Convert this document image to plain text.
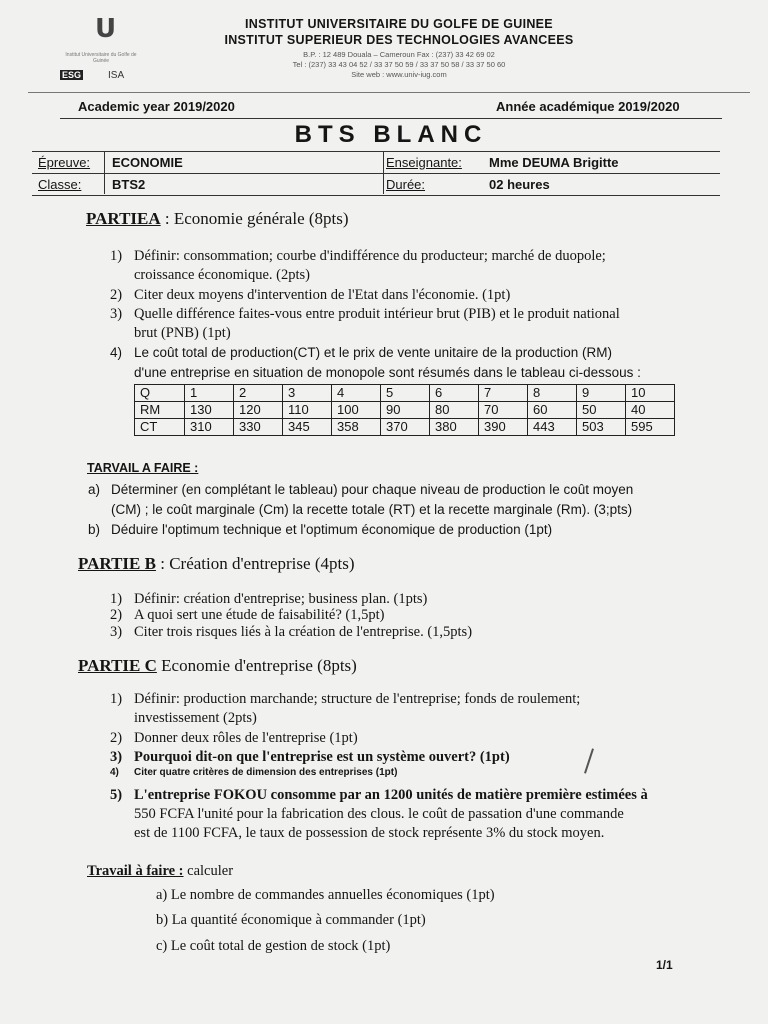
U
Institut Universitaire du Golfe de Guinée
ESG	ISA
INSTITUT UNIVERSITAIRE DU GOLFE DE GUINEE
INSTITUT SUPERIEUR DES TECHNOLOGIES AVANCEES
B.P. : 12 489 Douala – Cameroun Fax : (237) 33 42 69 02
Tel : (237) 33 43 04 52 / 33 37 50 59 / 33 37 50 58 / 33 37 50 60
Site web : www.univ-iug.com
Academic year 2019/2020	Année académique 2019/2020
BTS BLANC
Épreuve: ECONOMIE	Enseignante: Mme DEUMA Brigitte
Classe: BTS2	Durée:	02 heures
PARTIEA : Economie générale (8pts)
1) Définir: consommation; courbe d'indifférence du producteur; marché de duopole;
croissance économique. (2pts)
2) Citer deux moyens d'intervention de l'Etat dans l'économie. (1pt)
3) Quelle différence faites-vous entre produit intérieur brut (PIB) et le produit national
brut (PNB) (1pt)
4) Le coût total de production(CT) et le prix de vente unitaire de la production (RM)
d'une entreprise en situation de monopole sont résumés dans le tableau ci-dessous :
Q	1	2	3	4	5	6	7	8	9	10
RM	130	120	110	100	90	80	70	60	50	40
CT	310	330	345	358	370	380	390	443	503	595
TARVAIL A FAIRE :
a) Déterminer (en complétant le tableau) pour chaque niveau de production le coût moyen
(CM) ; le coût marginale (Cm) la recette totale (RT) et la recette marginale (Rm). (3;pts)
b) Déduire l'optimum technique et l'optimum économique de production (1pt)
PARTIE B : Création d'entreprise (4pts)
1) Définir: création d'entreprise; business plan. (1pts)
2) A quoi sert une étude de faisabilité? (1,5pt)
3) Citer trois risques liés à la création de l'entreprise. (1,5pts)
PARTIE C Economie d'entreprise (8pts)
1) Définir: production marchande; structure de l'entreprise; fonds de roulement;
investissement (2pts)
2) Donner deux rôles de l'entreprise (1pt)
3) Pourquoi dit-on que l'entreprise est un système ouvert? (1pt)
4) Citer quatre critères de dimension des entreprises (1pt)
5) L'entreprise FOKOU consomme par an 1200 unités de matière première estimées à
550 FCFA l'unité pour la fabrication des clous. le coût de passation d'une commande
est de 1100 FCFA, le taux de possession de stock représente 3% du stock moyen.
Travail à faire : calculer
a) Le nombre de commandes annuelles économiques (1pt)
b) La quantité économique à commander (1pt)
c) Le coût total de gestion de stock (1pt)
1/1
